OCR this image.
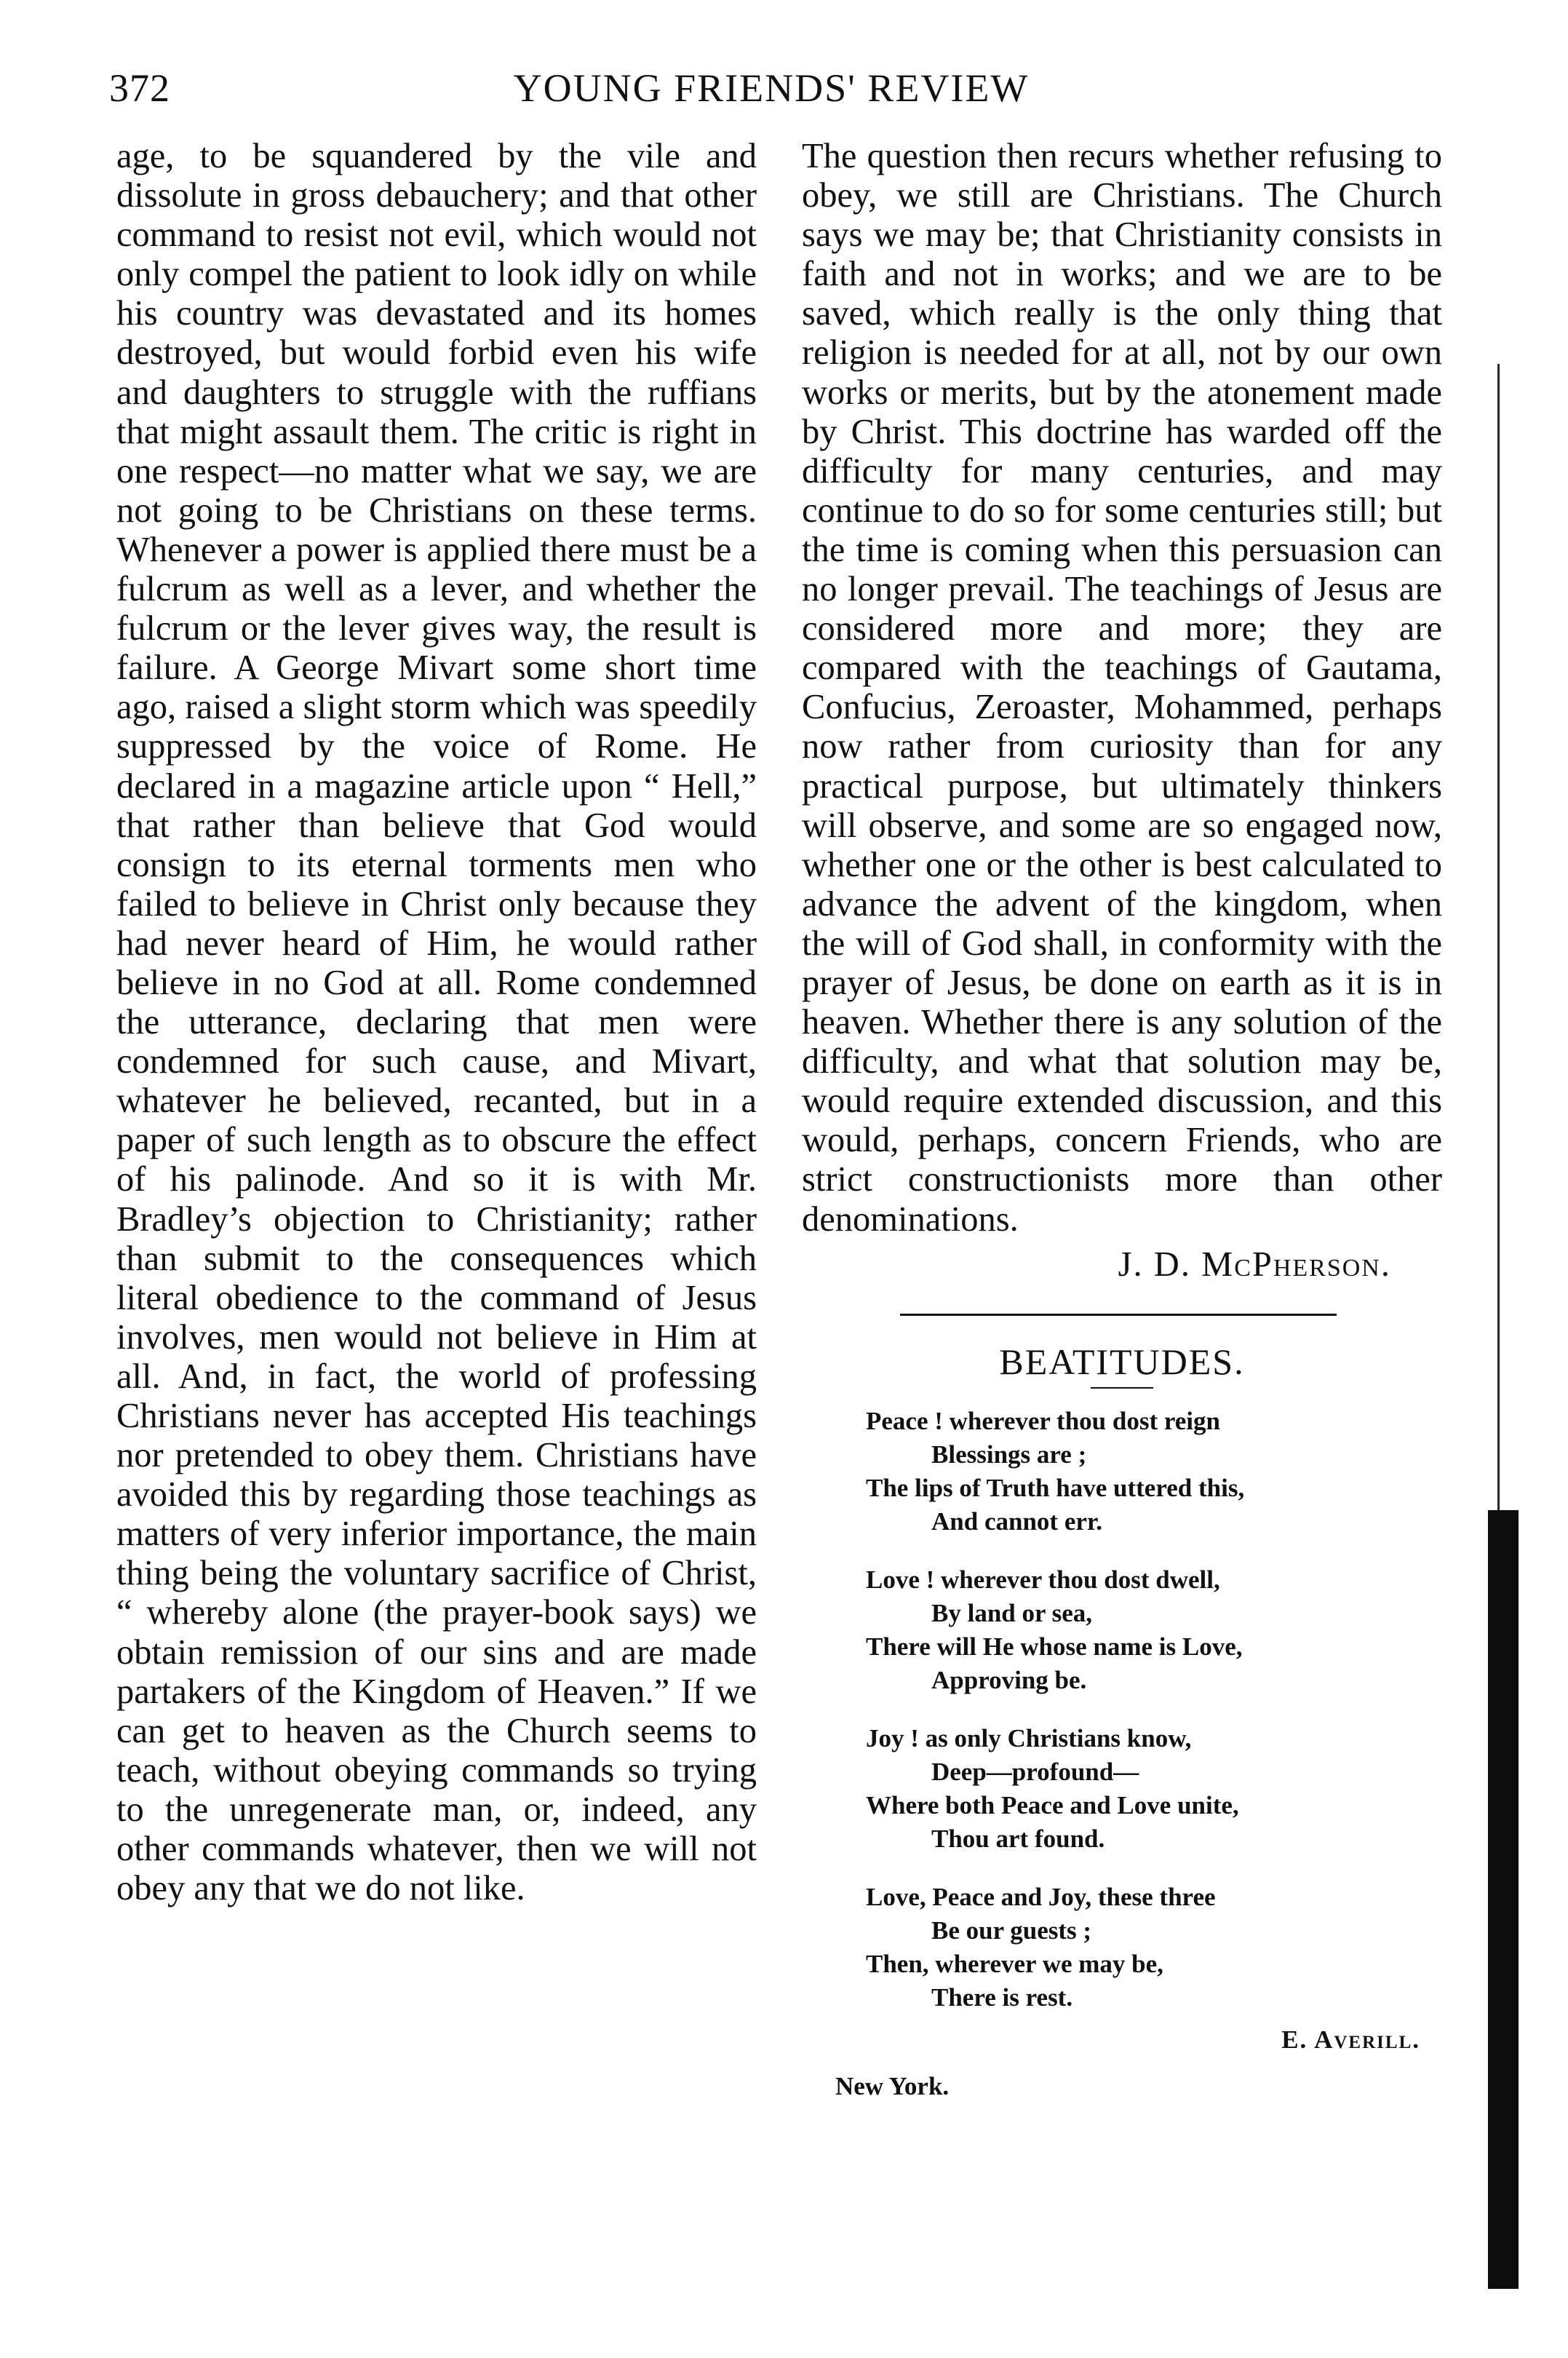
372	YOUNG FRIENDS' REVIEW

age, to be squandered by the vile and dissolute in gross debauchery; and that other command to resist not evil, which would not only compel the patient to look idly on while his country was devastated and its homes destroyed, but would forbid even his wife and daughters to struggle with the ruffians that might assault them. The critic is right in one respect—no matter what we say, we are not going to be Christians on these terms. Whenever a power is applied there must be a fulcrum as well as a lever, and whether the fulcrum or the lever gives way, the result is failure. A George Mivart some short time ago, raised a slight storm which was speedily suppressed by the voice of Rome. He declared in a magazine article upon “ Hell,” that rather than believe that God would consign to its eternal torments men who failed to believe in Christ only because they had never heard of Him, he would rather believe in no God at all. Rome condemned the utterance, declaring that men were condemned for such cause, and Mivart, whatever he believed, recanted, but in a paper of such length as to obscure the effect of his palinode. And so it is with Mr. Bradley’s objection to Christianity; rather than submit to the consequences which literal obedience to the command of Jesus involves, men would not believe in Him at all. And, in fact, the world of professing Christians never has accepted His teachings nor pretended to obey them. Christians have avoided this by regarding those teachings as matters of very inferior importance, the main thing being the voluntary sacrifice of Christ, “ whereby alone (the prayer-book says) we obtain remission of our sins and are made partakers of the Kingdom of Heaven.” If we can get to heaven as the Church seems to teach, without obeying commands so trying to the unregenerate man, or, indeed, any other commands whatever, then we will not obey any that we do not like.

The question then recurs whether refusing to obey, we still are Christians. The Church says we may be; that Christianity consists in faith and not in works; and we are to be saved, which really is the only thing that religion is needed for at all, not by our own works or merits, but by the atonement made by Christ. This doctrine has warded off the difficulty for many centuries, and may continue to do so for some centuries still; but the time is coming when this persuasion can no longer prevail. The teachings of Jesus are considered more and more; they are compared with the teachings of Gautama, Confucius, Zeroaster, Mohammed, perhaps now rather from curiosity than for any practical purpose, but ultimately thinkers will observe, and some are so engaged now, whether one or the other is best calculated to advance the advent of the kingdom, when the will of God shall, in conformity with the prayer of Jesus, be done on earth as it is in heaven. Whether there is any solution of the difficulty, and what that solution may be, would require extended discussion, and this would, perhaps, concern Friends, who are strict constructionists more than other denominations.

J. D. McPherson.
BEATITUDES.
Peace ! wherever thou dost reign
Blessings are ;
The lips of Truth have uttered this,
And cannot err.
Love ! wherever thou dost dwell,
By land or sea,
There will He whose name is Love,
Approving be.
Joy ! as only Christians know,
Deep—profound—
Where both Peace and Love unite,
Thou art found.
Love, Peace and Joy, these three
Be our guests ;
Then, wherever we may be,
There is rest.
E. Averill.
New York.
